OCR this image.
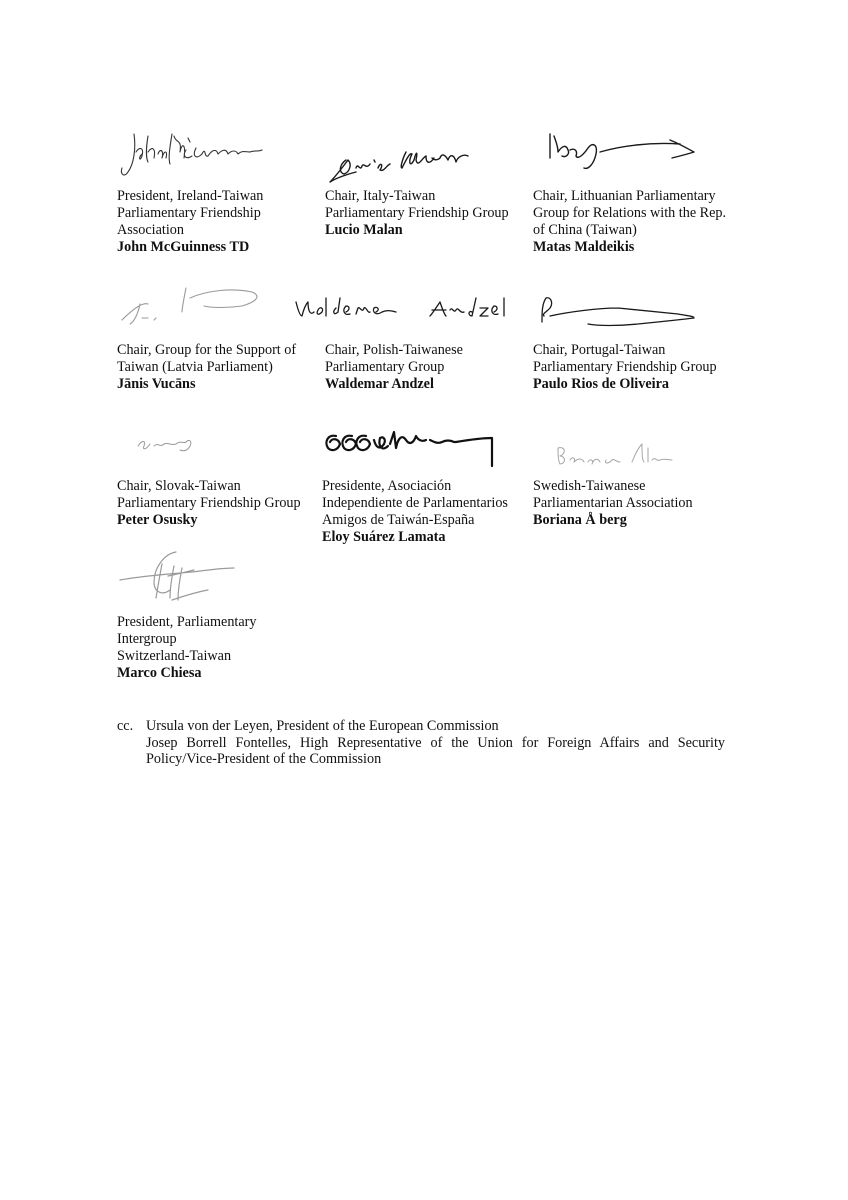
President, Ireland-Taiwan
Parliamentary Friendship
Association
John McGuinness TD
Chair, Italy-Taiwan
Parliamentary Friendship Group
Lucio Malan
Chair, Lithuanian Parliamentary
Group for Relations with the Rep.
of China (Taiwan)
Matas Maldeikis
Chair, Group for the Support of
Taiwan (Latvia Parliament)
Jānis Vucāns
Chair, Polish-Taiwanese
Parliamentary Group
Waldemar Andzel
Chair, Portugal-Taiwan
Parliamentary Friendship Group
Paulo Rios de Oliveira
Chair, Slovak-Taiwan
Parliamentary Friendship Group
Peter Osusky
Presidente, Asociación
Independiente de Parlamentarios
Amigos de Taiwán-España
Eloy Suárez Lamata
Swedish-Taiwanese
Parliamentarian Association
Boriana Å berg
President, Parliamentary
Intergroup
Switzerland-Taiwan
Marco Chiesa
cc. Ursula von der Leyen, President of the European Commission
Josep Borrell Fontelles, High Representative of the Union for Foreign Affairs and Security
Policy/Vice-President of the Commission
